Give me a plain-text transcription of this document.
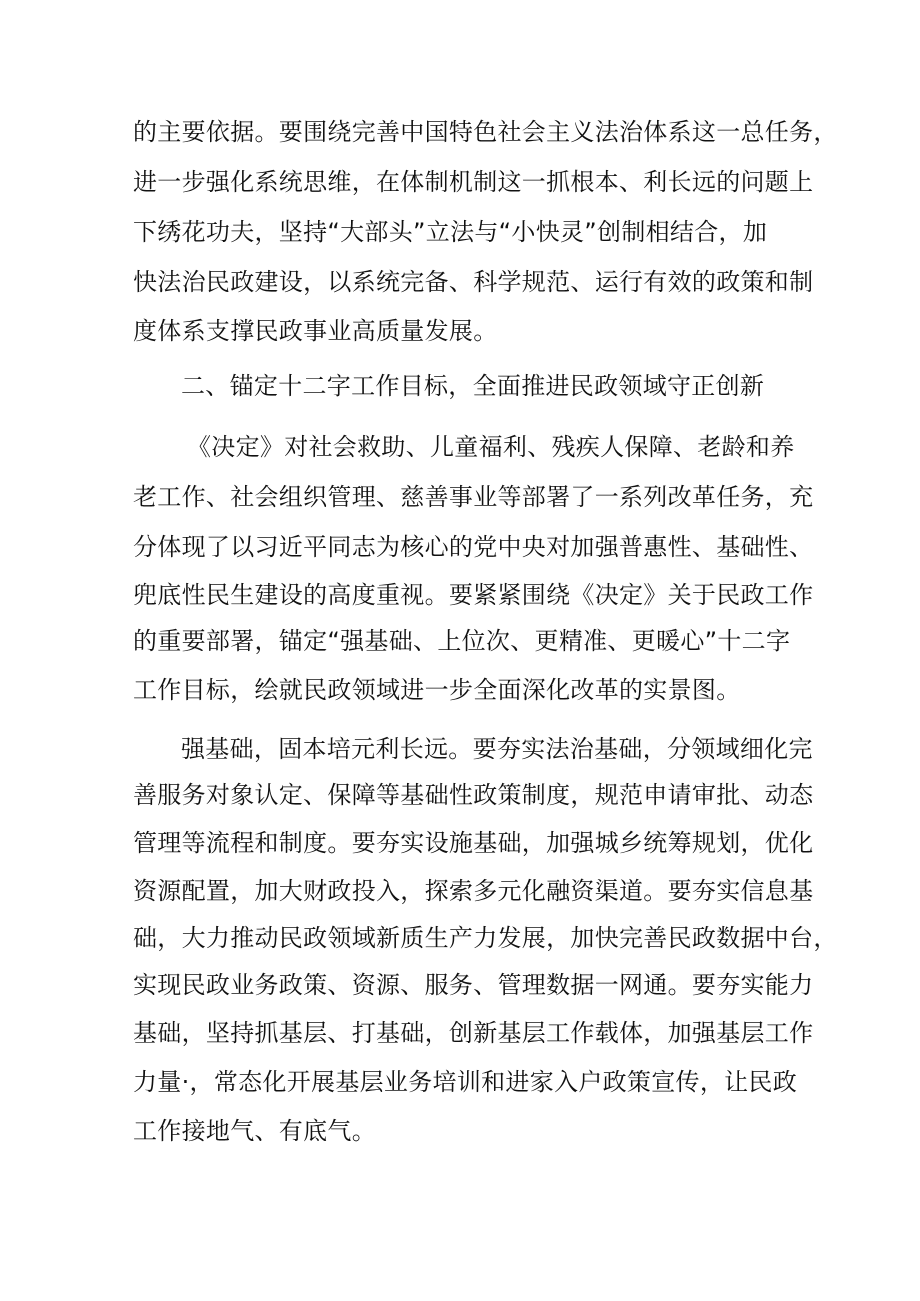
的主要依据。要围绕完善中国特色社会主义法治体系这一总任务，
进一步强化系统思维，在体制机制这一抓根本、利长远的问题上
下绣花功夫，坚持“大部头”立法与“小快灵”创制相结合，加
快法治民政建设，以系统完备、科学规范、运行有效的政策和制
度体系支撑民政事业高质量发展。
二、锚定十二字工作目标，全面推进民政领域守正创新
《决定》对社会救助、儿童福利、残疾人保障、老龄和养
老工作、社会组织管理、慈善事业等部署了一系列改革任务，充
分体现了以习近平同志为核心的党中央对加强普惠性、基础性、
兜底性民生建设的高度重视。要紧紧围绕《决定》关于民政工作
的重要部署，锚定“强基础、上位次、更精准、更暖心”十二字
工作目标，绘就民政领域进一步全面深化改革的实景图。
强基础，固本培元利长远。要夯实法治基础，分领域细化完
善服务对象认定、保障等基础性政策制度，规范申请审批、动态
管理等流程和制度。要夯实设施基础，加强城乡统筹规划，优化
资源配置，加大财政投入，探索多元化融资渠道。要夯实信息基
础，大力推动民政领域新质生产力发展，加快完善民政数据中台，
实现民政业务政策、资源、服务、管理数据一网通。要夯实能力
基础，坚持抓基层、打基础，创新基层工作载体，加强基层工作
力量·，常态化开展基层业务培训和进家入户政策宣传，让民政
工作接地气、有底气。
